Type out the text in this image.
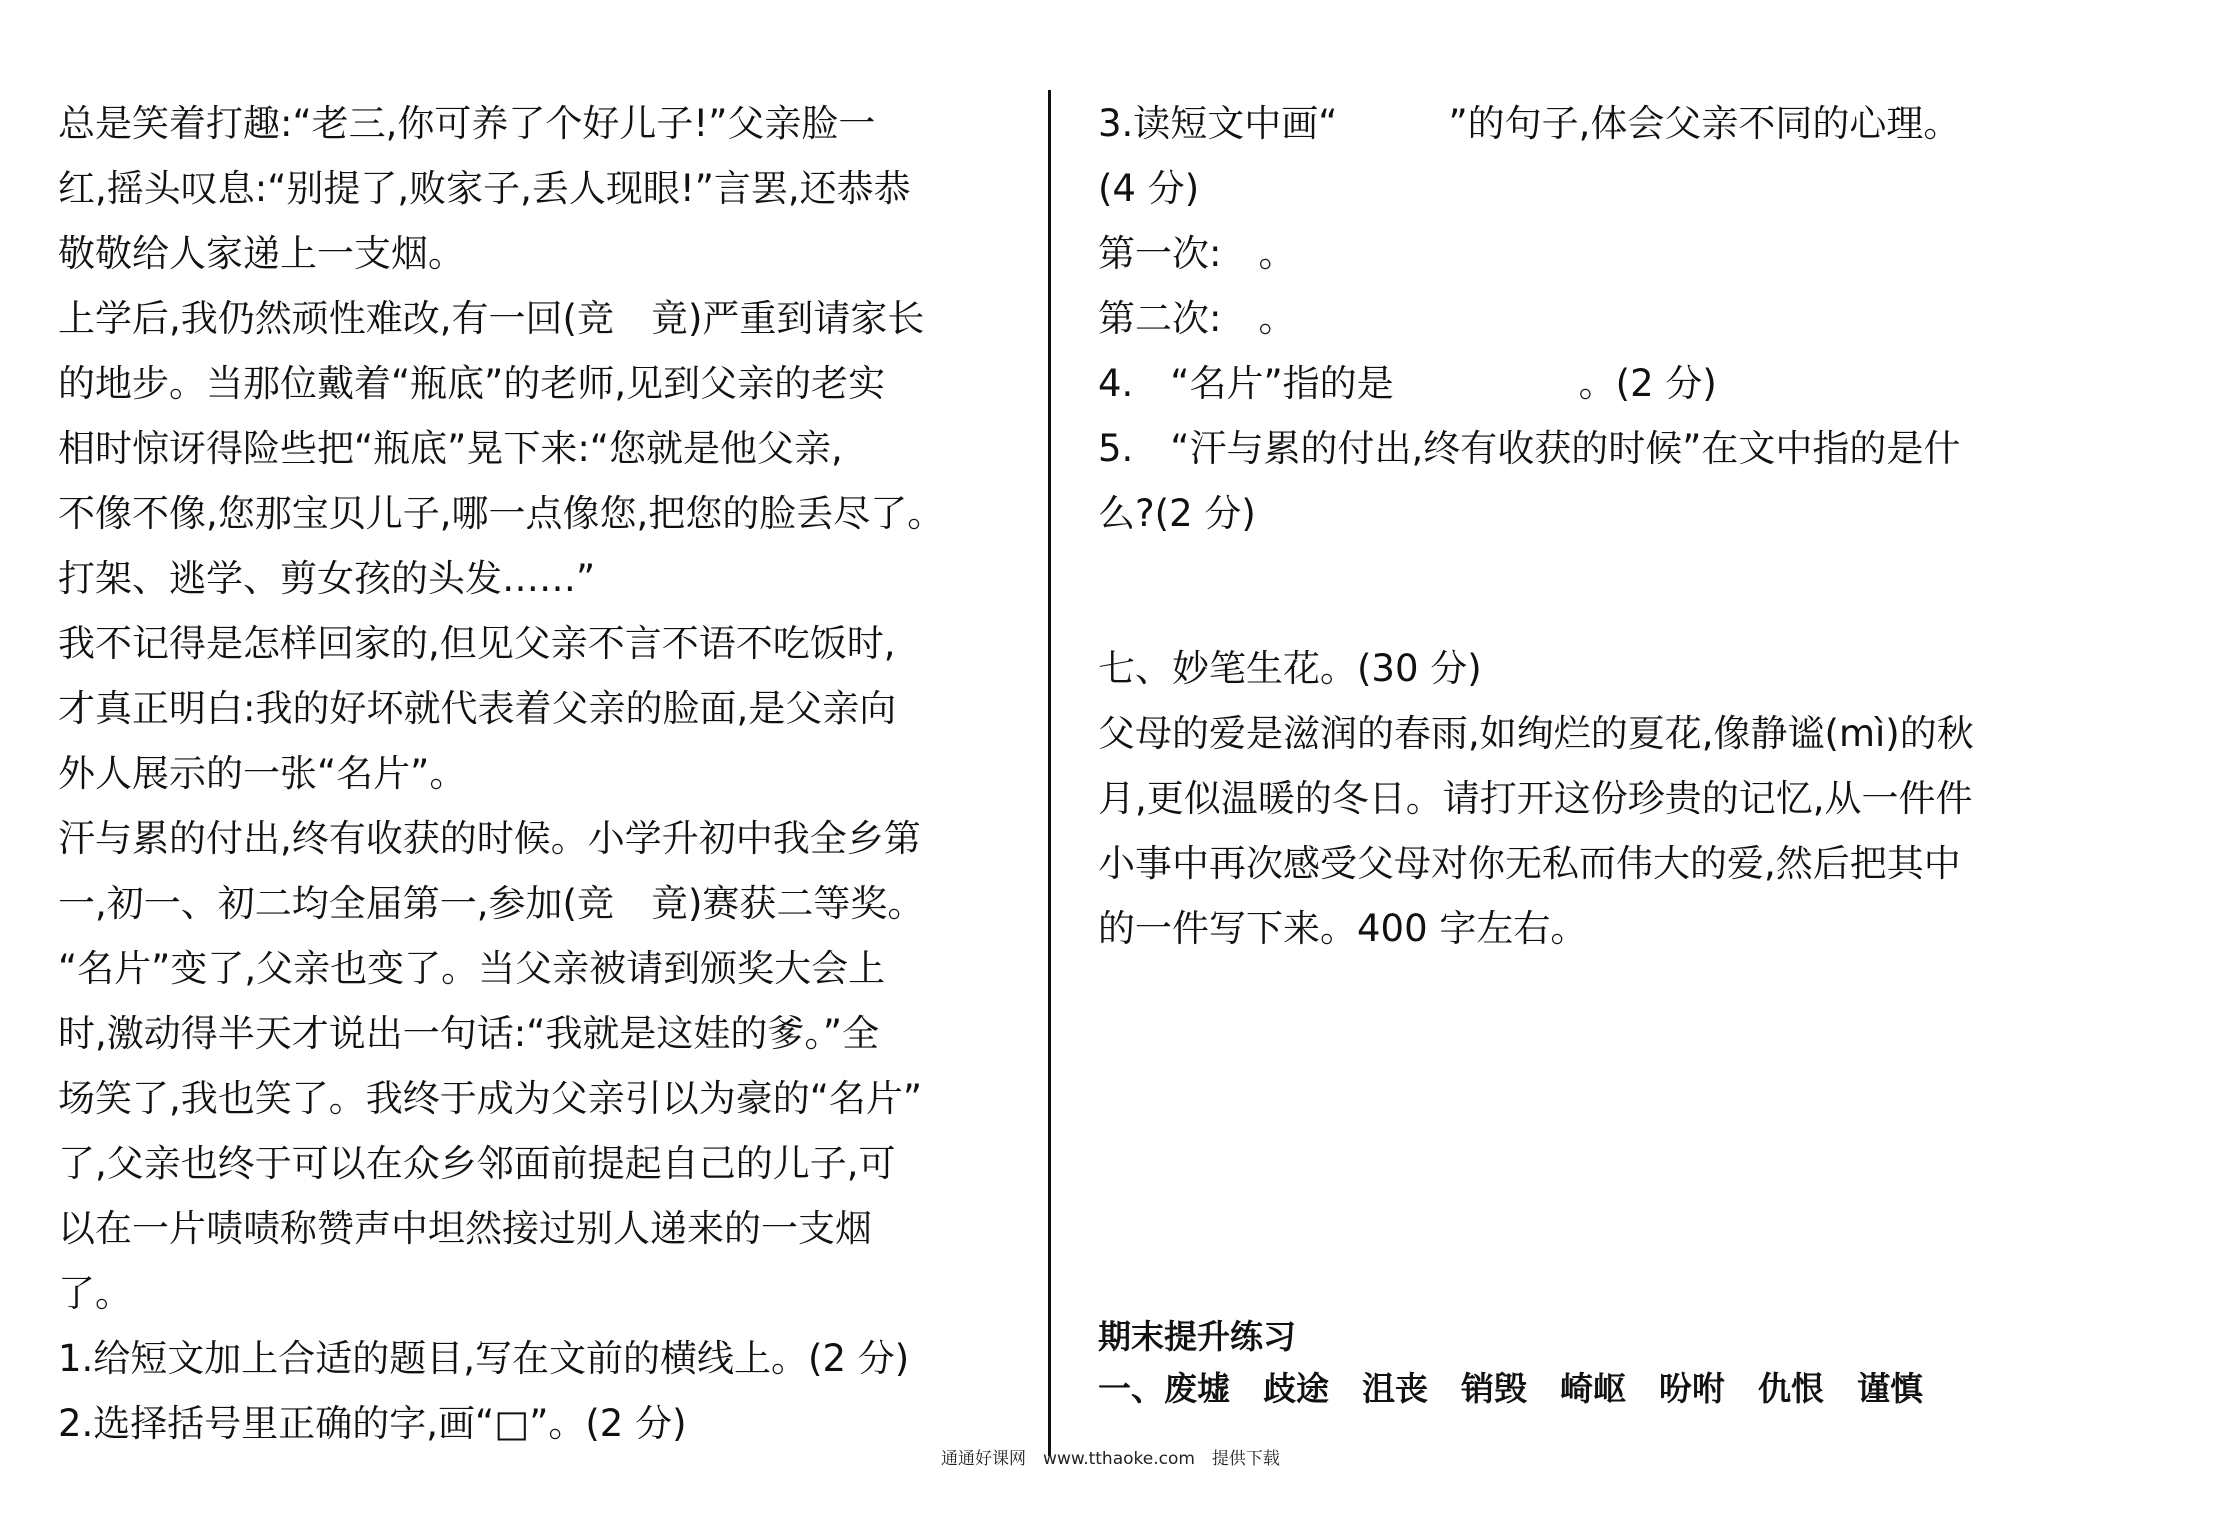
总是笑着打趣:“老三,你可养了个好儿子!”父亲脸一
红,摇头叹息:“别提了,败家子,丢人现眼!”言罢,还恭恭
敬敬给人家递上一支烟。
上学后,我仍然顽性难改,有一回(竞　竟)严重到请家长
的地步。当那位戴着“瓶底”的老师,见到父亲的老实
相时惊讶得险些把“瓶底”晃下来:“您就是他父亲,
不像不像,您那宝贝儿子,哪一点像您,把您的脸丢尽了。
打架、逃学、剪女孩的头发……”
我不记得是怎样回家的,但见父亲不言不语不吃饭时,
才真正明白:我的好坏就代表着父亲的脸面,是父亲向
外人展示的一张“名片”。
汗与累的付出,终有收获的时候。小学升初中我全乡第
一,初一、初二均全届第一,参加(竞　竟)赛获二等奖。
“名片”变了,父亲也变了。当父亲被请到颁奖大会上
时,激动得半天才说出一句话:“我就是这娃的爹。”全
场笑了,我也笑了。我终于成为父亲引以为豪的“名片”
了,父亲也终于可以在众乡邻面前提起自己的儿子,可
以在一片啧啧称赞声中坦然接过别人递来的一支烟
了。
1.给短文加上合适的题目,写在文前的横线上。(2 分)
2.选择括号里正确的字,画“□”。(2 分)
3.读短文中画“　　　”的句子,体会父亲不同的心理。
(4 分)
第一次:　。
第二次:　。
4.　“名片”指的是　　　　　。(2 分)
5.　“汗与累的付出,终有收获的时候”在文中指的是什
么?(2 分)
七、妙笔生花。(30 分)
父母的爱是滋润的春雨,如绚烂的夏花,像静谧(mì)的秋
月,更似温暖的冬日。请打开这份珍贵的记忆,从一件件
小事中再次感受父母对你无私而伟大的爱,然后把其中
的一件写下来。400 字左右。
期末提升练习
一、废墟　歧途　沮丧　销毁　崎岖　吩咐　仇恨　谨慎
通通好课网　www.tthaoke.com　提供下载
